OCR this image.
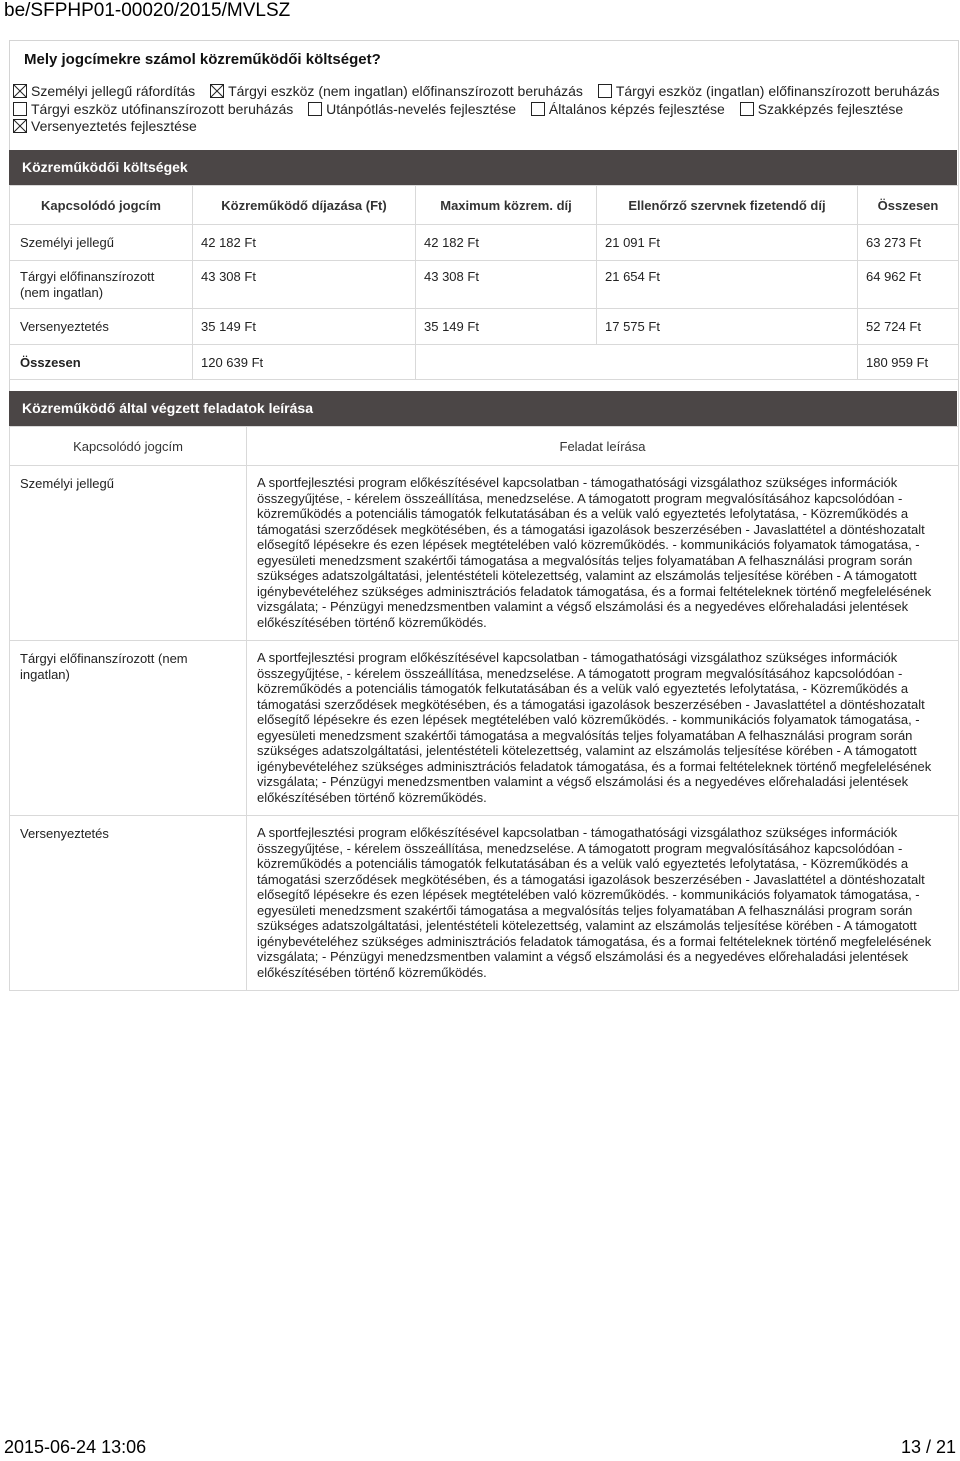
be/SFPHP01-00020/2015/MVLSZ
Mely jogcímekre számol közreműködői költséget?
Személyi jellegű ráfordítás Tárgyi eszköz (nem ingatlan) előfinanszírozott beruházás Tárgyi eszköz (ingatlan) előfinanszírozott beruházás
Tárgyi eszköz utófinanszírozott beruházás Utánpótlás-nevelés fejlesztése Általános képzés fejlesztése Szakképzés fejlesztése
Versenyeztetés fejlesztése
Közreműködői költségek
Kapcsolódó jogcím	Közreműködő díjazása (Ft)	Maximum közrem. díj	Ellenőrző szervnek fizetendő díj	Összesen
Személyi jellegű	42 182 Ft	42 182 Ft	21 091 Ft	63 273 Ft
Tárgyi előfinanszírozott (nem ingatlan)	43 308 Ft	43 308 Ft	21 654 Ft	64 962 Ft
Versenyeztetés	35 149 Ft	35 149 Ft	17 575 Ft	52 724 Ft
Összesen	120 639 Ft			180 959 Ft
Közreműködő által végzett feladatok leírása
Kapcsolódó jogcím	Feladat leírása
Személyi jellegű	A sportfejlesztési program előkészítésével kapcsolatban - támogathatósági vizsgálathoz szükséges információk összegyűjtése, - kérelem összeállítása, menedzselése. A támogatott program megvalósításához kapcsolódóan - közreműködés a potenciális támogatók felkutatásában és a velük való egyeztetés lefolytatása, - Közreműködés a támogatási szerződések megkötésében, és a támogatási igazolások beszerzésében - Javaslattétel a döntéshozatalt elősegítő lépésekre és ezen lépések megtételében való közreműködés. - kommunikációs folyamatok támogatása, - egyesületi menedzsment szakértői támogatása a megvalósítás teljes folyamatában A felhasználási program során szükséges adatszolgáltatási, jelentéstételi kötelezettség, valamint az elszámolás teljesítése körében - A támogatott igénybevételéhez szükséges adminisztrációs feladatok támogatása, és a formai feltételeknek történő megfelelésének vizsgálata; - Pénzügyi menedzsmentben valamint a végső elszámolási és a negyedéves előrehaladási jelentések előkészítésében történő közreműködés.
Tárgyi előfinanszírozott (nem ingatlan)	A sportfejlesztési program előkészítésével kapcsolatban - támogathatósági vizsgálathoz szükséges információk összegyűjtése, - kérelem összeállítása, menedzselése. A támogatott program megvalósításához kapcsolódóan - közreműködés a potenciális támogatók felkutatásában és a velük való egyeztetés lefolytatása, - Közreműködés a támogatási szerződések megkötésében, és a támogatási igazolások beszerzésében - Javaslattétel a döntéshozatalt elősegítő lépésekre és ezen lépések megtételében való közreműködés. - kommunikációs folyamatok támogatása, - egyesületi menedzsment szakértői támogatása a megvalósítás teljes folyamatában A felhasználási program során szükséges adatszolgáltatási, jelentéstételi kötelezettség, valamint az elszámolás teljesítése körében - A támogatott igénybevételéhez szükséges adminisztrációs feladatok támogatása, és a formai feltételeknek történő megfelelésének vizsgálata; - Pénzügyi menedzsmentben valamint a végső elszámolási és a negyedéves előrehaladási jelentések előkészítésében történő közreműködés.
Versenyeztetés	A sportfejlesztési program előkészítésével kapcsolatban - támogathatósági vizsgálathoz szükséges információk összegyűjtése, - kérelem összeállítása, menedzselése. A támogatott program megvalósításához kapcsolódóan - közreműködés a potenciális támogatók felkutatásában és a velük való egyeztetés lefolytatása, - Közreműködés a támogatási szerződések megkötésében, és a támogatási igazolások beszerzésében - Javaslattétel a döntéshozatalt elősegítő lépésekre és ezen lépések megtételében való közreműködés. - kommunikációs folyamatok támogatása, - egyesületi menedzsment szakértői támogatása a megvalósítás teljes folyamatában A felhasználási program során szükséges adatszolgáltatási, jelentéstételi kötelezettség, valamint az elszámolás teljesítése körében - A támogatott igénybevételéhez szükséges adminisztrációs feladatok támogatása, és a formai feltételeknek történő megfelelésének vizsgálata; - Pénzügyi menedzsmentben valamint a végső elszámolási és a negyedéves előrehaladási jelentések előkészítésében történő közreműködés.
2015-06-24 13:06	13 / 21
